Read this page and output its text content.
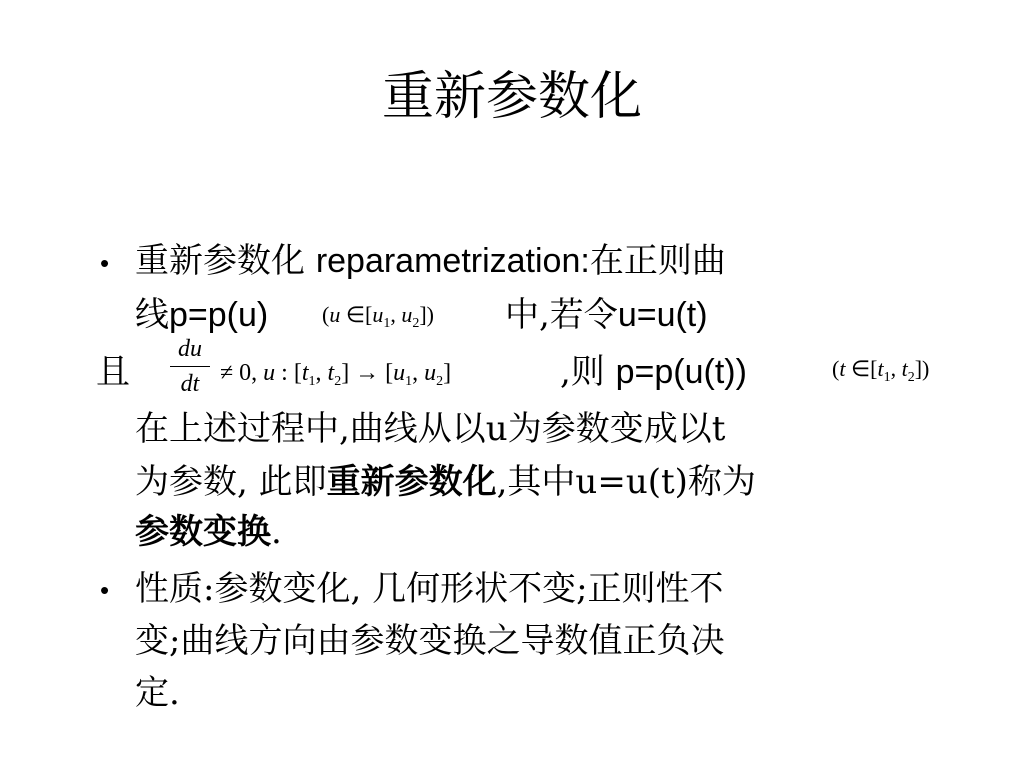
重新参数化
• 重新参数化 reparametrization:在正则曲
线p=p(u) (u $\in[u_1$, $u_2$]) 中,若令u=u(t)
且
du
dt ≠ 0, u : [$t_1$, $t_2] \to [u_1$, $u_2$]	,则 p=p(u(t))	(t $\in[t_1$, $t_2$])
在上述过程中,曲线从以u为参数变成以t
为参数, 此即重新参数化,其中u=u(t)称为
参数变换.
• 性质:参数变化, 几何形状不变;正则性不
变;曲线方向由参数变换之导数值正负决
定.
